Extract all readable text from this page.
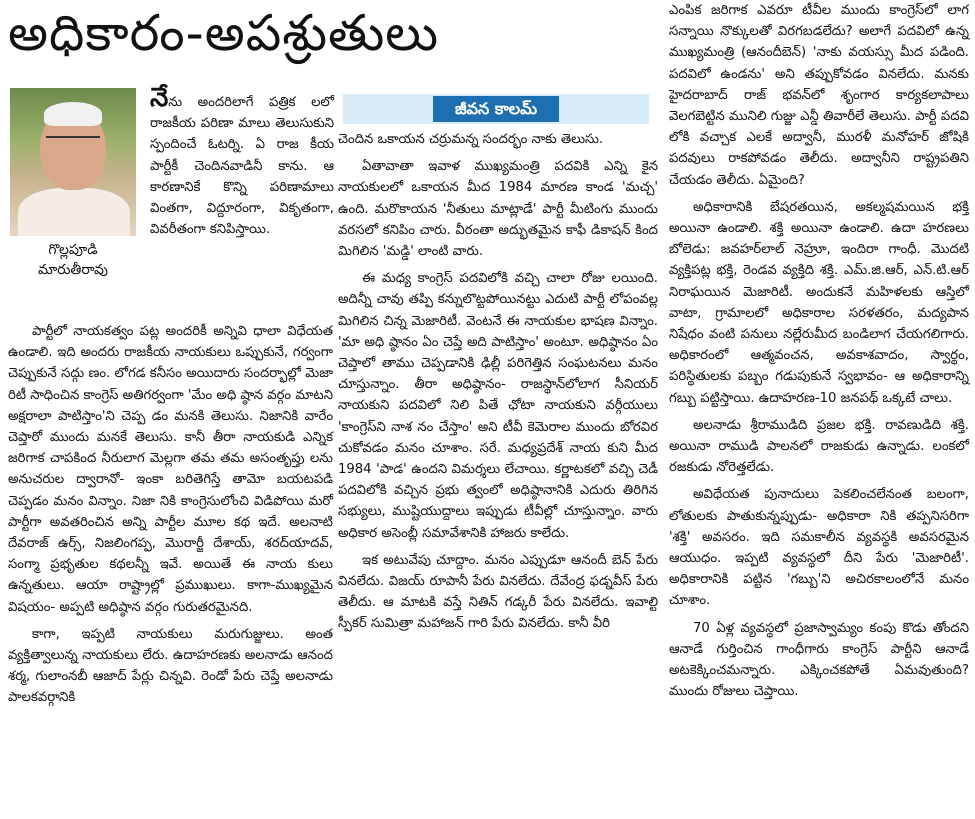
అధికారం-అపశ్రుతులు
గొల్లపూడి
మారుతీరావు
జీవన కాలమ్

నేను అందరిలాగే పత్రిక లలో రాజకీయ పరిణా మాలు తెలుసుకుని స్పందించే ఓటర్ని. ఏ రాజ కీయ పార్టీకీ చెందినవాడినీ కాను. ఆ కారణానికే కొన్ని పరిణామాలు వింతగా, విద్దూరంగా, వికృతంగా, వివరీతంగా కనిపిస్తాయి.

పార్టీలో నాయకత్వం పట్ల అందరికీ అన్నివి ధాలా విధేయత ఉండాలి. ఇది అందరు రాజకీయ నాయకులు ఒప్పుకునే, గర్వంగా చెప్పుకునే సద్గు ణం. లోగడ కనీసం అయిదారు సందర్భాల్లో మెజా రిటీ సాధించిన కాంగ్రెస్ అతిగర్వంగా 'మేం అధి ష్ఠాన వర్గం మాటని అక్షరాలా పాటిస్తాం'ని చెప్ప డం మనకి తెలుసు. నిజానికి వారేం చెప్తారో ముందు మనకే తెలుసు. కానీ తీరా నాయకుడి ఎన్నిక జరిగాక చాపకింద నీరులాగ మెల్లగా తమ తమ అసంతృప్తు లను అనుచరుల ద్వారానో- ఇంకా బరితెగిస్తే తామో బయటపడి చెప్పడం మనం విన్నాం. నిజా నికి కాంగ్రెసులోంచి విడిపోయి మరో పార్టీగా అవతరించిన అన్ని పార్టీల మూల కథ ఇదే. అలనాటి దేవరాజ్ ఉర్స్, నిజలింగప్ప, మొరార్జీ దేశాయ్, శరద్‌యాదవ్, సంగ్మా ప్రభృతుల కథలన్నీ ఇవే. అయితే ఈ నాయ కులు ఉన్నతులు. ఆయా రాష్ట్రాల్లో ప్రముఖులు. కాగా-ముఖ్యమైన విషయం- అప్పటి అధిష్ఠాన వర్గం గురుతరమైనది.

కాగా, ఇప్పటి నాయకులు మరుగుజ్జులు. అంత వ్యక్తిత్వాలున్న నాయకులు లేరు. ఉదాహరణకు అలనాడు ఆనంద శర్మ, గులాంనబీ ఆజాద్ పేర్లు చిన్నవి. రెండో పేరు చెప్తే అలనాడు పాలకవర్గానికి

చెందిన ఒకాయన చర్రుమన్న సందర్భం నాకు తెలుసు.

ఏతావాతా ఇవాళ ముఖ్యమంత్రి పదవికి ఎన్ని కైన నాయకులలో ఒకాయన మీద 1984 మారణ కాండ 'మచ్చ' ఉంది. మరొకాయన 'నీతులు మాట్లాడే' పార్టీ మీటింగు ముందు వరసలో కనిపిం చారు. వీరంతా అద్భుతమైన కాఫీ డికాషన్ కింద మిగిలిన 'మడ్డి' లాంటి వారు.

ఈ మధ్య కాంగ్రెస్ పదవిలోకి వచ్చి చాలా రోజు లయింది. అదిన్నీ చావు తప్పి కన్నులొట్టపోయినట్టు ఎదుటి పార్టీ లోపంవల్ల మిగిలిన చిన్న మెజారిటీ. వెంటనే ఈ నాయకుల భాషణ విన్నాం. 'మా అధి ష్ఠానం ఏం చెప్తే అది పాటిస్తాం' అంటూ. అధిష్ఠానం ఏం చెప్తాలో తాము చెప్పడానికి ఢిల్లీ పరిగెత్తిన సంఘటనలు మనం చూస్తున్నాం. తీరా అధిష్ఠానం- రాజస్థాన్‌లోలాగ సీనియర్ నాయకుని పదవిలో నిలి పితే ఛోటా నాయకుని వర్గీయులు 'కాంగ్రెస్‌ని నాశ నం చేస్తాం' అని టీవీ కెమెరాల ముందు బోరవిర చుకోవడం మనం చూశాం. సరే. మధ్యప్రదేశ్ నాయ కుని మీద 1984 'పాడ' ఉందని విమర్శలు లేచాయి. కర్ణాటకలో వచ్చి చెడీ పదవిలోకి వచ్చిన ప్రభు త్వంలో అధిష్ఠానానికి ఎదురు తిరిగిన సభ్యులు, ముష్టియుద్దాలు ఇప్పుడు టీవీల్లో చూస్తున్నాం. వారు అధికార అసెంబ్లీ సమావేశానికి హాజరు కాలేదు.

ఇక అటువేపు చూద్దాం. మనం ఎప్పుడూ ఆనందీ బెన్ పేరు వినలేదు. విజయ్ రూపానీ పేరు వినలేదు. దేవేంద్ర ఫడ్నవీస్ పేరు తెలీదు. ఆ మాటకి వస్తే నితిన్ గడ్కరీ పేరు వినలేదు. ఇవాల్టి స్పీకర్ సుమిత్రా మహాజన్ గారి పేరు వినలేదు. కానీ వీరి

ఎంపిక జరిగాక ఎవరూ టీవీల ముందు కాంగ్రెస్‌లో లాగ సన్నాయి నొక్కులతో విరగబడలేదు? అలాగే పదవిలో ఉన్న ముఖ్యమంత్రి (ఆనందీబెన్) 'నాకు వయస్సు మీద పడింది. పదవిలో ఉండను' అని తప్పుకోవడం వినలేదు. మనకు హైదరాబాద్ రాజ్ భవన్‌లో శృంగార కార్యకలాపాలు వెలగబెట్టిన మునిలి గుజ్జు ఎన్డీ తివారీలే తెలుసు. పార్టీ పదవి లోకి వచ్చాక ఎలకే అద్వానీ, మురళీ మనోహర్ జోషికి పదవులు రాకపోవడం తెలీదు. అద్వానీని రాష్ట్రపతిని చేయడం తెలీదు. ఏమైంది?

అధికారానికి బేషరతయిన, అకల్మషమయిన భక్తి అయినా ఉండాలి. శక్తి అయినా ఉండాలి. ఉదా హరణలు బోలెడు: జవహర్‌లాల్ నెహ్రూ, ఇందిరా గాంధీ. మొదటి వ్యక్తిపట్ల భక్తి, రెండవ వ్యక్తిది శక్తి. ఎమ్.జి.ఆర్, ఎన్.టి.ఆర్ నిరాఘయిన మెజారిటీ. అందుకనే మహిళలకు ఆస్తిలో వాటా, గ్రామాలలో అధికారాల సరళతరం, మద్యపాన నిషేధం వంటి పనులు నల్లేరుమీద బండిలాగ చేయగలిగారు. అధికారంలో ఆత్మవంచన, అవకాశవాదం, స్వార్థం, పరిస్థితులకు పబ్బం గడుపుకునే స్వభావం- ఆ అధికారాన్ని గబ్బు పట్టిస్తాయి. ఉదాహరణ-10 జనపథ్ ఒక్కటే చాలు.

అలనాడు శ్రీరాముడిది ప్రజల భక్తి. రావణుడిది శక్తి. అయినా రాముడి పాలనలో రాజకుడు ఉన్నాడు. లంకలో రజకుడు నోరెత్తలేడు.

అవిధేయత పునాదులు పెకలించలేనంత బలంగా, లోతులకు పాతుకున్నప్పుడు- అధికారా నికి తప్పనిసరిగా 'శక్తి' అవసరం. ఇది సమకాలీన వ్యవస్థకి అవసరమైన ఆయుధం. ఇప్పటి వ్యవస్థలో దీని పేరు 'మెజారిటీ'. అధికారానికి పట్టిన 'గబ్బు'ని అచిరకాలంలోనే మనం చూశాం.

70 ఏళ్ల వ్యవస్థలో ప్రజాస్వామ్యం కంపు కొడు తోందని ఆనాడే గుర్తించిన గాంధీగారు కాంగ్రెస్ పార్టీని ఆనాడే అటకెక్కించమన్నారు. ఎక్కించకపోతే ఏమవుతుంది? ముందు రోజులు చెప్తాయి.
